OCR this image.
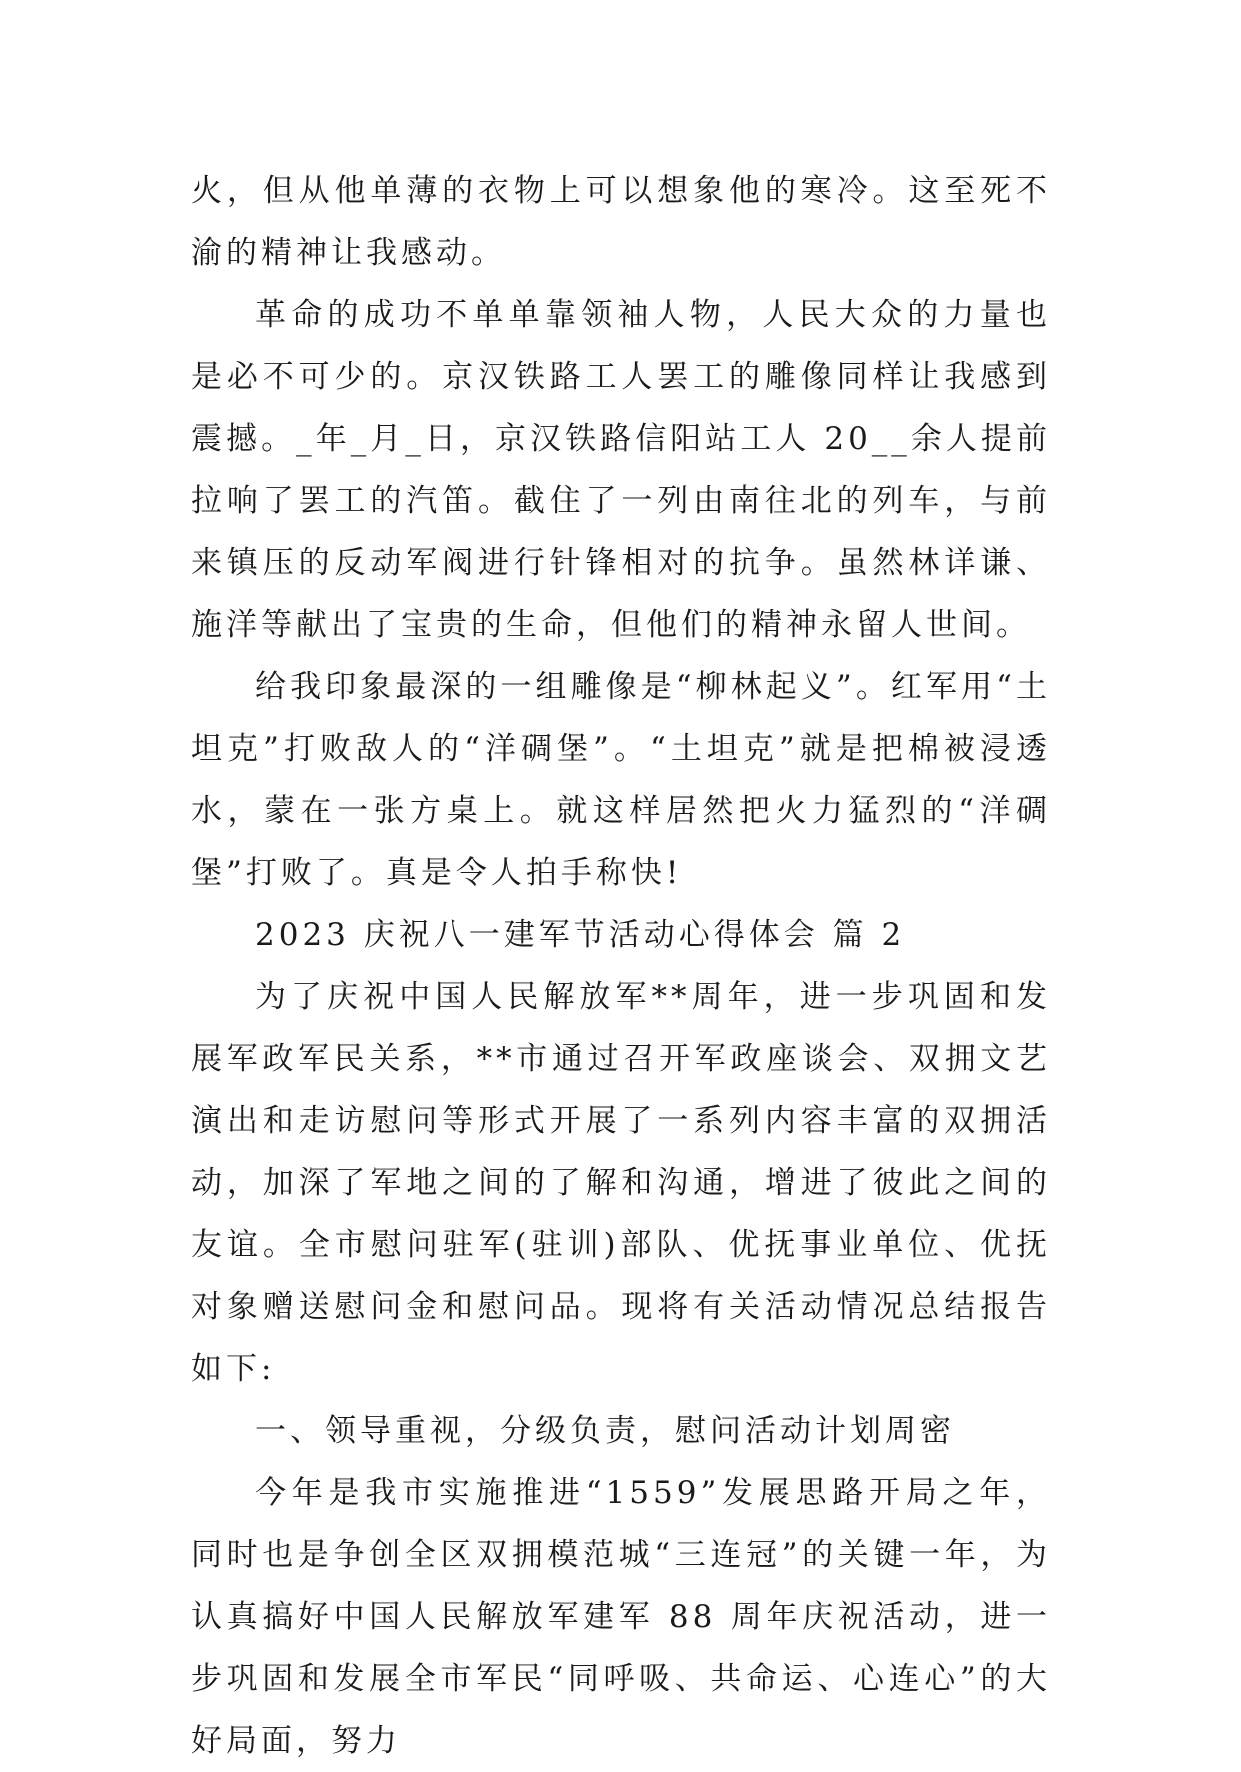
火，但从他单薄的衣物上可以想象他的寒冷。这至死不渝的精神让我感动。

革命的成功不单单靠领袖人物，人民大众的力量也是必不可少的。京汉铁路工人罢工的雕像同样让我感到震撼。_年_月_日，京汉铁路信阳站工人 20__余人提前拉响了罢工的汽笛。截住了一列由南往北的列车，与前来镇压的反动军阀进行针锋相对的抗争。虽然林详谦、施洋等献出了宝贵的生命，但他们的精神永留人世间。

给我印象最深的一组雕像是“柳林起义”。红军用“土坦克”打败敌人的“洋碉堡”。“土坦克”就是把棉被浸透水，蒙在一张方桌上。就这样居然把火力猛烈的“洋碉堡”打败了。真是令人拍手称快!

2023 庆祝八一建军节活动心得体会 篇 2

为了庆祝中国人民解放军**周年，进一步巩固和发展军政军民关系，**市通过召开军政座谈会、双拥文艺演出和走访慰问等形式开展了一系列内容丰富的双拥活动，加深了军地之间的了解和沟通，增进了彼此之间的友谊。全市慰问驻军(驻训)部队、优抚事业单位、优抚对象赠送慰问金和慰问品。现将有关活动情况总结报告如下:

一、领导重视，分级负责，慰问活动计划周密

今年是我市实施推进“1559”发展思路开局之年，同时也是争创全区双拥模范城“三连冠”的关键一年，为认真搞好中国人民解放军建军 88 周年庆祝活动，进一步巩固和发展全市军民“同呼吸、共命运、心连心”的大好局面，努力
